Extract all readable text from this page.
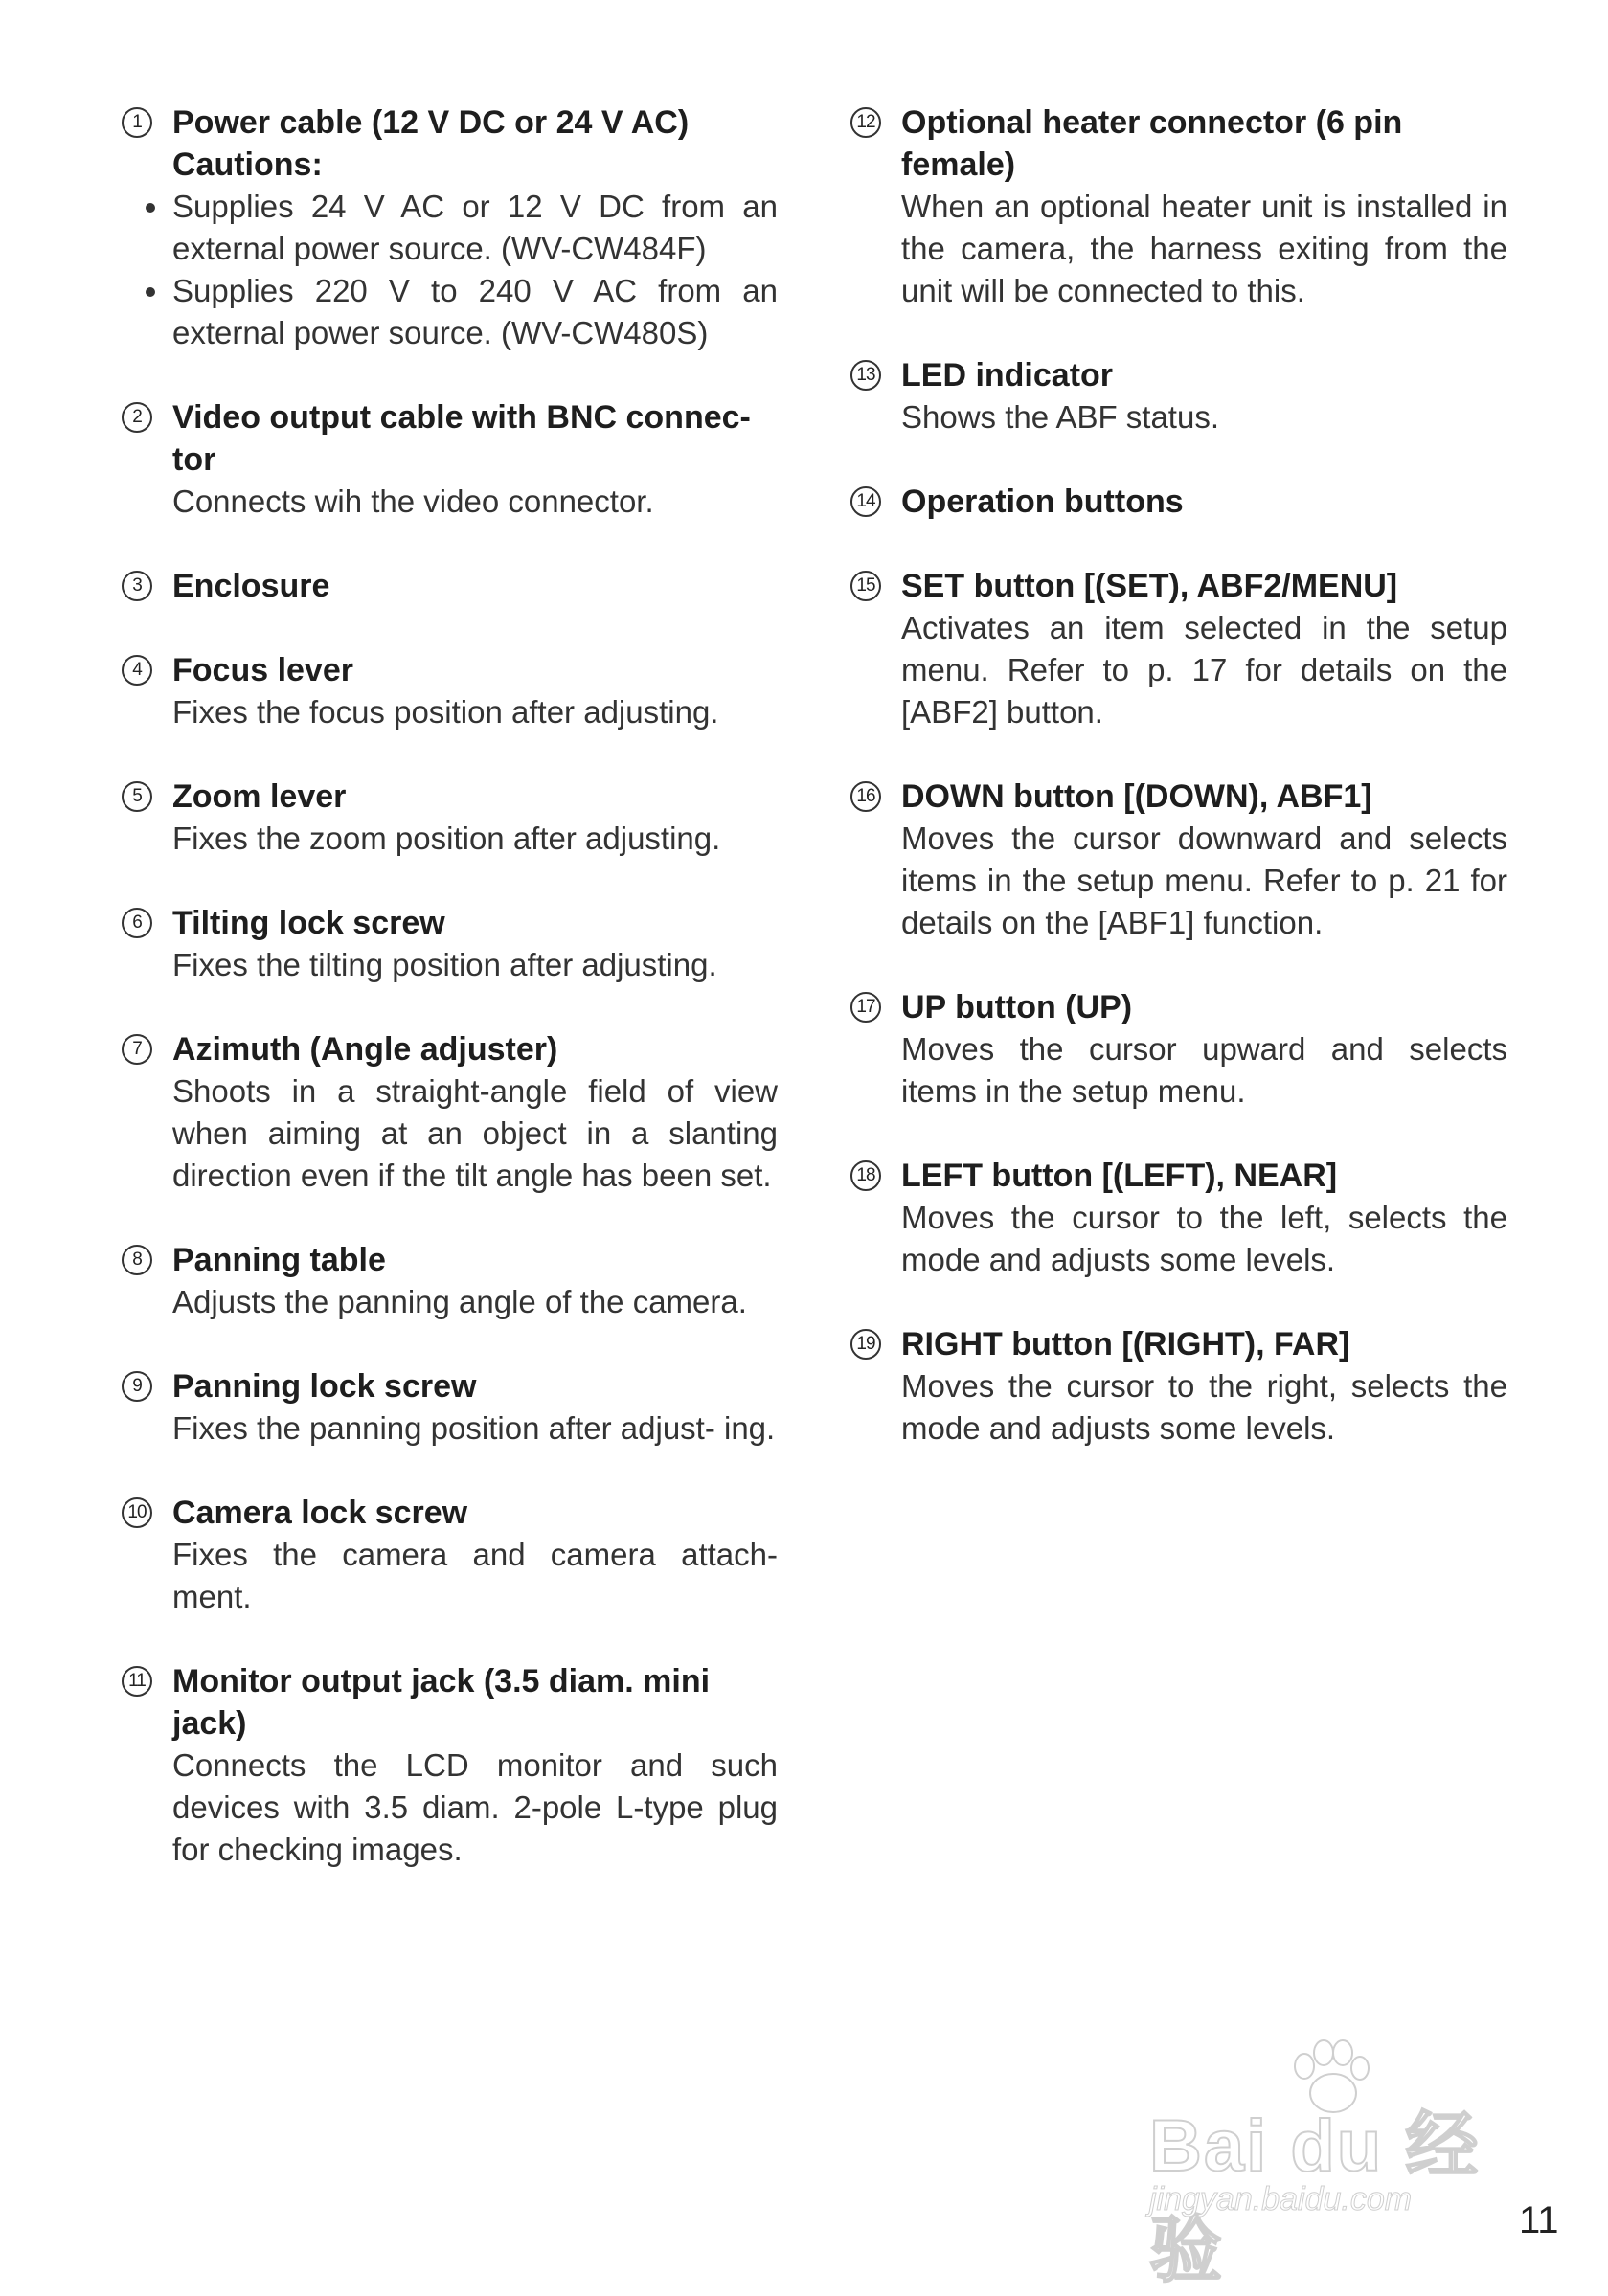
1 Power cable (12 V DC or 24 V AC)
Cautions:
Supplies 24 V AC or 12 V DC from an external power source. (WV-CW484F)
Supplies 220 V to 240 V AC from an external power source. (WV-CW480S)
2 Video output cable with BNC connec- tor
Connects wih the video connector.
3 Enclosure
4 Focus lever
Fixes the focus position after adjusting.
5 Zoom lever
Fixes the zoom position after adjusting.
6 Tilting lock screw
Fixes the tilting position after adjusting.
7 Azimuth (Angle adjuster)
Shoots in a straight-angle field of view when aiming at an object in a slanting direction even if the tilt angle has been set.
8 Panning table
Adjusts the panning angle of the camera.
9 Panning lock screw
Fixes the panning position after adjust- ing.
10 Camera lock screw
Fixes the camera and camera attach- ment.
11 Monitor output jack (3.5 diam. mini jack)
Connects the LCD monitor and such devices with 3.5 diam. 2-pole L-type plug for checking images.
12 Optional heater connector (6 pin female)
When an optional heater unit is installed in the camera, the harness exiting from the unit will be connected to this.
13 LED indicator
Shows the ABF status.
14 Operation buttons
15 SET button [(SET), ABF2/MENU]
Activates an item selected in the setup menu. Refer to p. 17 for details on the [ABF2] button.
16 DOWN button [(DOWN), ABF1]
Moves the cursor downward and selects items in the setup menu. Refer to p. 21 for details on the [ABF1] function.
17 UP button (UP)
Moves the cursor upward and selects items in the setup menu.
18 LEFT button [(LEFT), NEAR]
Moves the cursor to the left, selects the mode and adjusts some levels.
19 RIGHT button [(RIGHT), FAR]
Moves the cursor to the right, selects the mode and adjusts some levels.
Bai du 经验
jingyan.baidu.com	11
